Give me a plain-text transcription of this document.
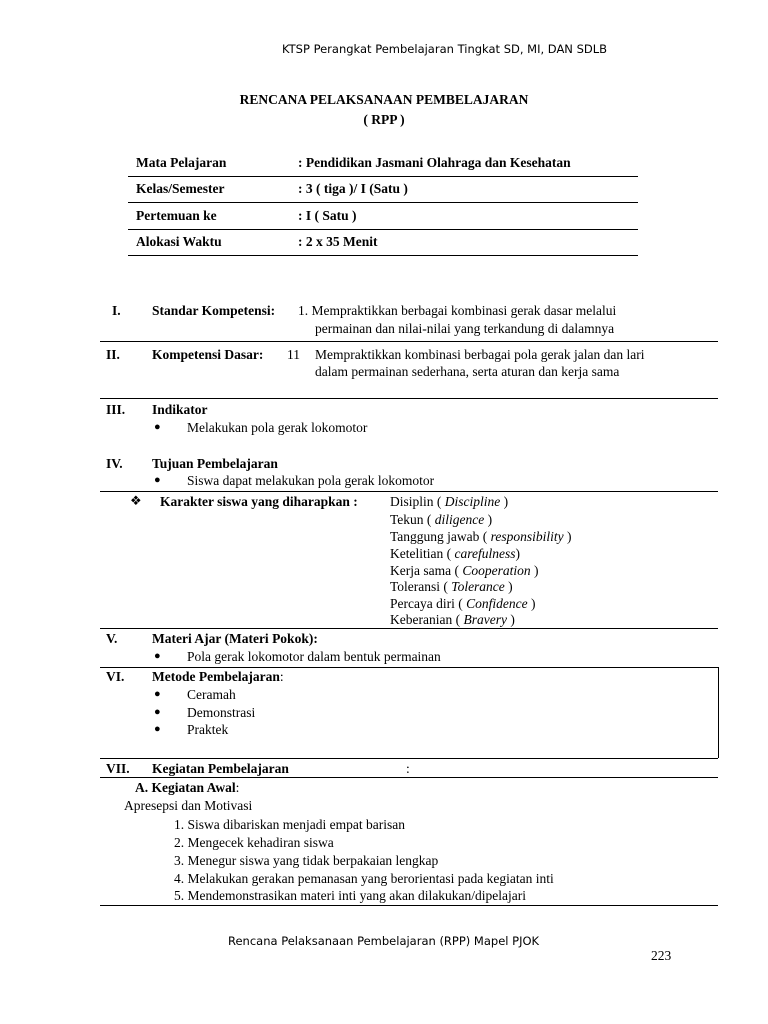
KTSP Perangkat Pembelajaran Tingkat SD, MI, DAN SDLB
RENCANA PELAKSANAAN PEMBELAJARAN
( RPP )
Mata Pelajaran	: Pendidikan Jasmani Olahraga dan Kesehatan
Kelas/Semester	: 3 ( tiga )/ I (Satu )
Pertemuan ke	: I ( Satu )
Alokasi Waktu	: 2 x 35 Menit
I. Standar Kompetensi: 1. Mempraktikkan berbagai kombinasi gerak dasar melalui
permainan dan nilai-nilai yang terkandung di dalamnya
II. Kompetensi Dasar: 11 Mempraktikkan kombinasi berbagai pola gerak jalan dan lari
dalam permainan sederhana, serta aturan dan kerja sama
III. Indikator
● Melakukan pola gerak lokomotor
IV. Tujuan Pembelajaran
● Siswa dapat melakukan pola gerak lokomotor
❖ Karakter siswa yang diharapkan : Disiplin ( Discipline )
Tekun ( diligence )
Tanggung jawab ( responsibility )
Ketelitian ( carefulness)
Kerja sama ( Cooperation )
Toleransi ( Tolerance )
Percaya diri ( Confidence )
Keberanian ( Bravery )
V.	Materi Ajar (Materi Pokok):
● Pola gerak lokomotor dalam bentuk permainan
VI. Metode Pembelajaran:
● Ceramah
● Demonstrasi
● Praktek
VII. Kegiatan Pembelajaran	:
A. Kegiatan Awal:
Apresepsi dan Motivasi
1. Siswa dibariskan menjadi empat barisan
2. Mengecek kehadiran siswa
3. Menegur siswa yang tidak berpakaian lengkap
4. Melakukan gerakan pemanasan yang berorientasi pada kegiatan inti
5. Mendemonstrasikan materi inti yang akan dilakukan/dipelajari
Rencana Pelaksanaan Pembelajaran (RPP) Mapel PJOK
223
